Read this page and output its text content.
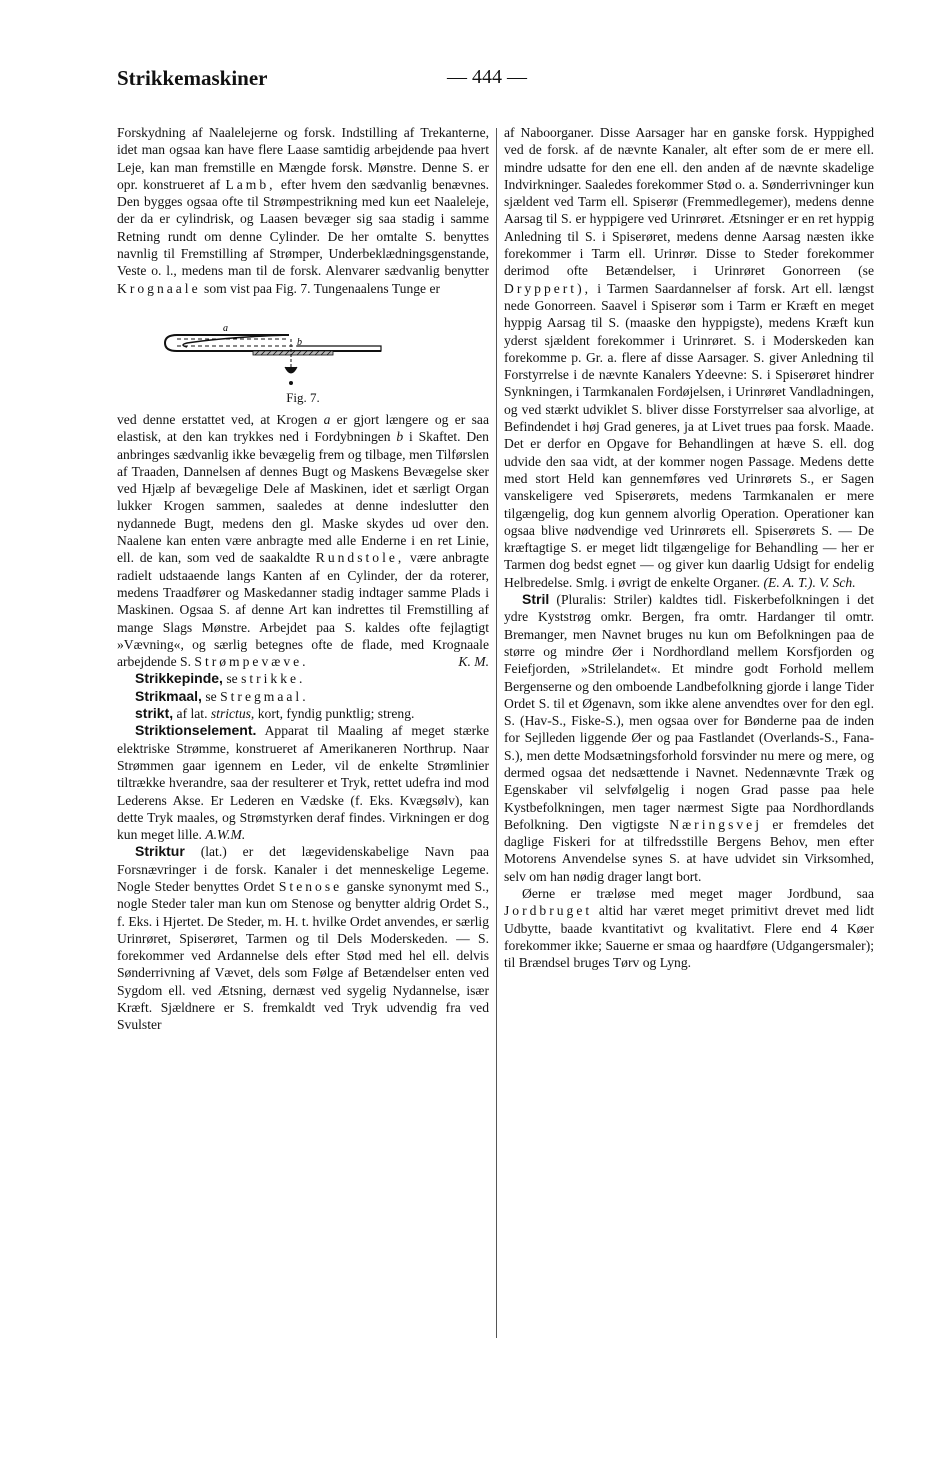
Strikkemaskiner	— 444 —

Forskydning af Naalelejerne og forsk. Indstilling af Trekanterne, idet man ogsaa kan have flere Laase samtidig arbejdende paa hvert Leje, kan man fremstille en Mængde forsk. Mønstre. Denne S. er opr. konstrueret af Lamb, efter hvem den sædvanlig benævnes. Den bygges ogsaa ofte til Strømpestrikning med kun eet Naaleleje, der da er cylindrisk, og Laasen bevæger sig saa stadig i samme Retning rundt om denne Cylinder. De her omtalte S. benyttes navnlig til Fremstilling af Strømper, Underbeklædningsgenstande, Veste o. l., medens man til de forsk. Alenvarer sædvanlig benytter Krognaale som vist paa Fig. 7. Tungenaalens Tunge er

a
b
Fig. 7.

ved denne erstattet ved, at Krogen a er gjort længere og er saa elastisk, at den kan trykkes ned i Fordybningen b i Skaftet. Den anbringes sædvanlig ikke bevægelig frem og tilbage, men Tilførslen af Traaden, Dannelsen af dennes Bugt og Maskens Bevægelse sker ved Hjælp af bevægelige Dele af Maskinen, idet et særligt Organ lukker Krogen sammen, saaledes at denne indeslutter den nydannede Bugt, medens den gl. Maske skydes ud over den. Naalene kan enten være anbragte med alle Enderne i en ret Linie, ell. de kan, som ved de saakaldte Rundstole, være anbragte radielt udstaaende langs Kanten af en Cylinder, der da roterer, medens Traadfører og Maskedanner stadig indtager samme Plads i Maskinen. Ogsaa S. af denne Art kan indrettes til Fremstilling af mange Slags Mønstre. Arbejdet paa S. kaldes ofte fejlagtigt »Vævning«, og særlig betegnes ofte de flade, med Krognaale arbejdende S. Strømpevæve.	K. M.

Strikkepinde, se strikke.

Strikmaal, se Stregmaal.

strikt, af lat. strictus, kort, fyndig punktlig; streng.

Striktionselement. Apparat til Maaling af meget stærke elektriske Strømme, konstrueret af Amerikaneren Northrup. Naar Strømmen gaar igennem en Leder, vil de enkelte Strømlinier tiltrække hverandre, saa der resulterer et Tryk, rettet udefra ind mod Lederens Akse. Er Lederen en Vædske (f. Eks. Kvægsølv), kan dette Tryk maales, og Strømstyrken deraf findes. Virkningen er dog kun meget lille. A.W.M.

Striktur (lat.) er det lægevidenskabelige Navn paa Forsnævringer i de forsk. Kanaler i det menneskelige Legeme. Nogle Steder benyttes Ordet Stenose ganske synonymt med S., nogle Steder taler man kun om Stenose og benytter aldrig Ordet S., f. Eks. i Hjertet. De Steder, m. H. t. hvilke Ordet anvendes, er særlig Urinrøret, Spiserøret, Tarmen og til Dels Moderskeden. — S. forekommer ved Ardannelse dels efter Stød med hel ell. delvis Sønderrivning af Vævet, dels som Følge af Betændelser enten ved Sygdom ell. ved Ætsning, dernæst ved sygelig Nydannelse, især Kræft. Sjældnere er S. fremkaldt ved Tryk udvendig fra ved Svulster

af Naboorganer. Disse Aarsager har en ganske forsk. Hyppighed ved de forsk. af de nævnte Kanaler, alt efter som de er mere ell. mindre udsatte for den ene ell. den anden af de nævnte skadelige Indvirkninger. Saaledes forekommer Stød o. a. Sønderrivninger kun sjældent ved Tarm ell. Spiserør (Fremmedlegemer), medens denne Aarsag til S. er hyppigere ved Urinrøret. Ætsninger er en ret hyppig Anledning til S. i Spiserøret, medens denne Aarsag næsten ikke forekommer i Tarm ell. Urinrør. Disse to Steder forekommer derimod ofte Betændelser, i Urinrøret Gonorreen (se Dryppert), i Tarmen Saardannelser af forsk. Art ell. længst nede Gonorreen. Saavel i Spiserør som i Tarm er Kræft en meget hyppig Aarsag til S. (maaske den hyppigste), medens Kræft kun yderst sjældent forekommer i Urinrøret. S. i Moderskeden kan forekomme p. Gr. a. flere af disse Aarsager. S. giver Anledning til Forstyrrelse i de nævnte Kanalers Ydeevne: S. i Spiserøret hindrer Synkningen, i Tarmkanalen Fordøjelsen, i Urinrøret Vandladningen, og ved stærkt udviklet S. bliver disse Forstyrrelser saa alvorlige, at Befindendet i høj Grad generes, ja at Livet trues paa forsk. Maade. Det er derfor en Opgave for Behandlingen at hæve S. ell. dog udvide den saa vidt, at der kommer nogen Passage. Medens dette med stort Held kan gennemføres ved Urinrørets S., er Sagen vanskeligere ved Spiserørets, medens Tarmkanalen er mere tilgængelig, dog kun gennem alvorlig Operation. Operationer kan ogsaa blive nødvendige ved Urinrørets ell. Spiserørets S. — De kræftagtige S. er meget lidt tilgængelige for Behandling — her er Tarmen dog bedst egnet — og giver kun daarlig Udsigt for endelig Helbredelse. Smlg. i øvrigt de enkelte Organer. (E. A. T.). V. Sch.

Stril (Pluralis: Striler) kaldtes tidl. Fiskerbefolkningen i det ydre Kyststrøg omkr. Bergen, fra omtr. Hardanger til omtr. Bremanger, men Navnet bruges nu kun om Befolkningen paa de større og mindre Øer i Nordhordland mellem Korsfjorden og Feiefjorden, »Strilelandet«. Et mindre godt Forhold mellem Bergenserne og den omboende Landbefolkning gjorde i lange Tider Ordet S. til et Øgenavn, som ikke alene anvendtes over for den egl. S. (Hav-S., Fiske-S.), men ogsaa over for Bønderne paa de inden for Sejlleden liggende Øer og paa Fastlandet (Overlands-S., Fana-S.), men dette Modsætningsforhold forsvinder nu mere og mere, og dermed ogsaa det nedsættende i Navnet. Nedennævnte Træk og Egenskaber vil selvfølgelig i nogen Grad passe paa hele Kystbefolkningen, men tager nærmest Sigte paa Nordhordlands Befolkning. Den vigtigste Næringsvej er fremdeles det daglige Fiskeri for at tilfredsstille Bergens Behov, men efter Motorens Anvendelse synes S. at have udvidet sin Virksomhed, selv om han nødig drager langt bort.

Øerne er træløse med meget mager Jordbund, saa Jordbruget altid har været meget primitivt drevet med lidt Udbytte, baade kvantitativt og kvalitativt. Flere end 4 Køer forekommer ikke; Sauerne er smaa og haardføre (Udgangersmaler); til Brændsel bruges Tørv og Lyng.
